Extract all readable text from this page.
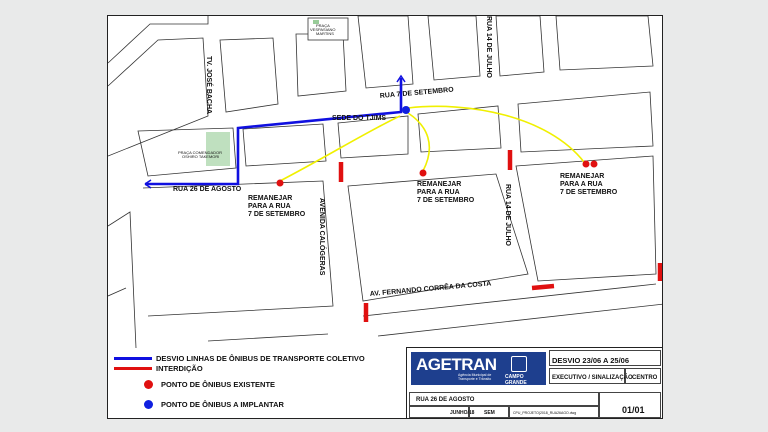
RUA 7 DE SETEMBRO
RUA 14 DE JULHO
RUA 26 DE AGOSTO
TV. JOSÉ BACHA
AVENIDA CALÓGERAS	RUA 14 DE JULHO
AV. FERNANDO CORRÊA DA COSTA
SEDE DO TJ/MS
PRAÇA VESPASIANO MARTINS
PRAÇA COMENDADOR OSHIRO TAKEMORI
REMANEJAR PARA A RUA 7 DE SETEMBRO
REMANEJAR PARA A RUA 7 DE SETEMBRO
REMANEJAR PARA A RUA 7 DE SETEMBRO
DESVIO LINHAS DE ÔNIBUS DE TRANSPORTE COLETIVO
INTERDIÇÃO
PONTO DE ÔNIBUS EXISTENTE
PONTO DE ÔNIBUS A IMPLANTAR
AGETRAN
Agência Municipal de Transporte e Trânsito	CAMPO GRANDE
DESVIO 23/06 A 25/06
EXECUTIVO / SINALIZAÇÃO CENTRO
RUA 26 DE AGOSTO
JUNHO/18 SEM	CPU_PROJETO(2018_RUA26AGO.dwg	01/01
